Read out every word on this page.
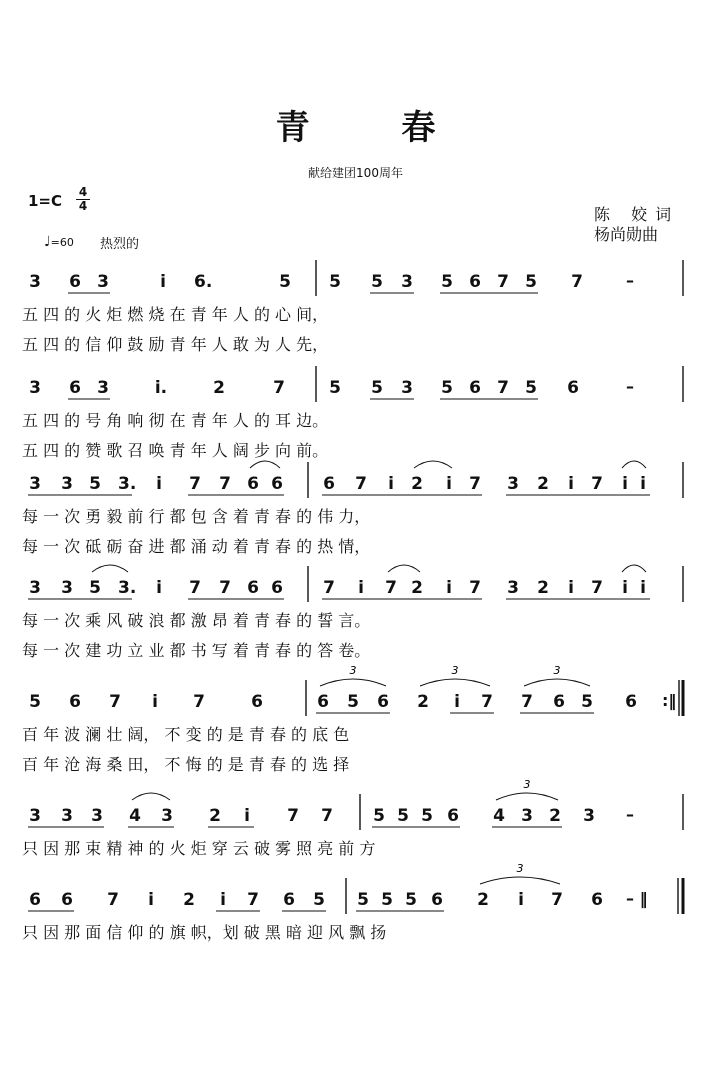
青 春
献给建团100周年
1=C 4
4
♩=60 热烈的
陈 姣词
杨尚勋曲
3 6 3	i 6.	5 5 5 3 5 6 7 5 7	–
五 四 的 火 炬 燃 烧 在 青 年 人 的 心 间，
五 四 的 信 仰 鼓 励 青 年 人 敢 为 人 先，
3 6 3	i.	2	7	5 5 3 5 6 7 5 6	–
五 四 的 号 角 响 彻 在 青 年 人 的 耳 边。
五 四 的 赞 歌 召 唤 青 年 人 阔 步 向 前。
3 3 5 3. i 7 7 6 6 6 7 i 2 i 7 3 2 i 7 i i
每 一 次 勇 毅 前 行 都 包 含 着 青 春 的 伟 力，
每 一 次 砥 砺 奋 进 都 涌 动 着 青 春 的 热 情，
3 3 5 3. i 7 7 6 6 7 i 7 2 i 7 3 2 i 7 i i
每 一 次 乘 风 破 浪 都 激 昂 着 青 春 的 誓 言。
每 一 次 建 功 立 业 都 书 写 着 青 春 的 答 卷。
5 6 7 i 7	6	6 5 6 2 i 7 7 6 5 6 :‖
百 年 波 澜 壮 阔， 不 变 的 是 青 春 的 底 色
百 年 沧 海 桑 田， 不 悔 的 是 青 春 的 选 择
3 3 3 4 3 2 i 7 7 5 5 5 6 4 3 2 3 –
只 因 那 束 精 神 的 火 炬 穿 云 破 雾 照 亮 前 方
6 6 7 i 2 i 7 6 5 5 5 5 6 2 i 7 6 – ‖
只 因 那 面 信 仰 的 旗 帜，划 破 黑 暗 迎 风 飘 扬
3	3	3
3
3
